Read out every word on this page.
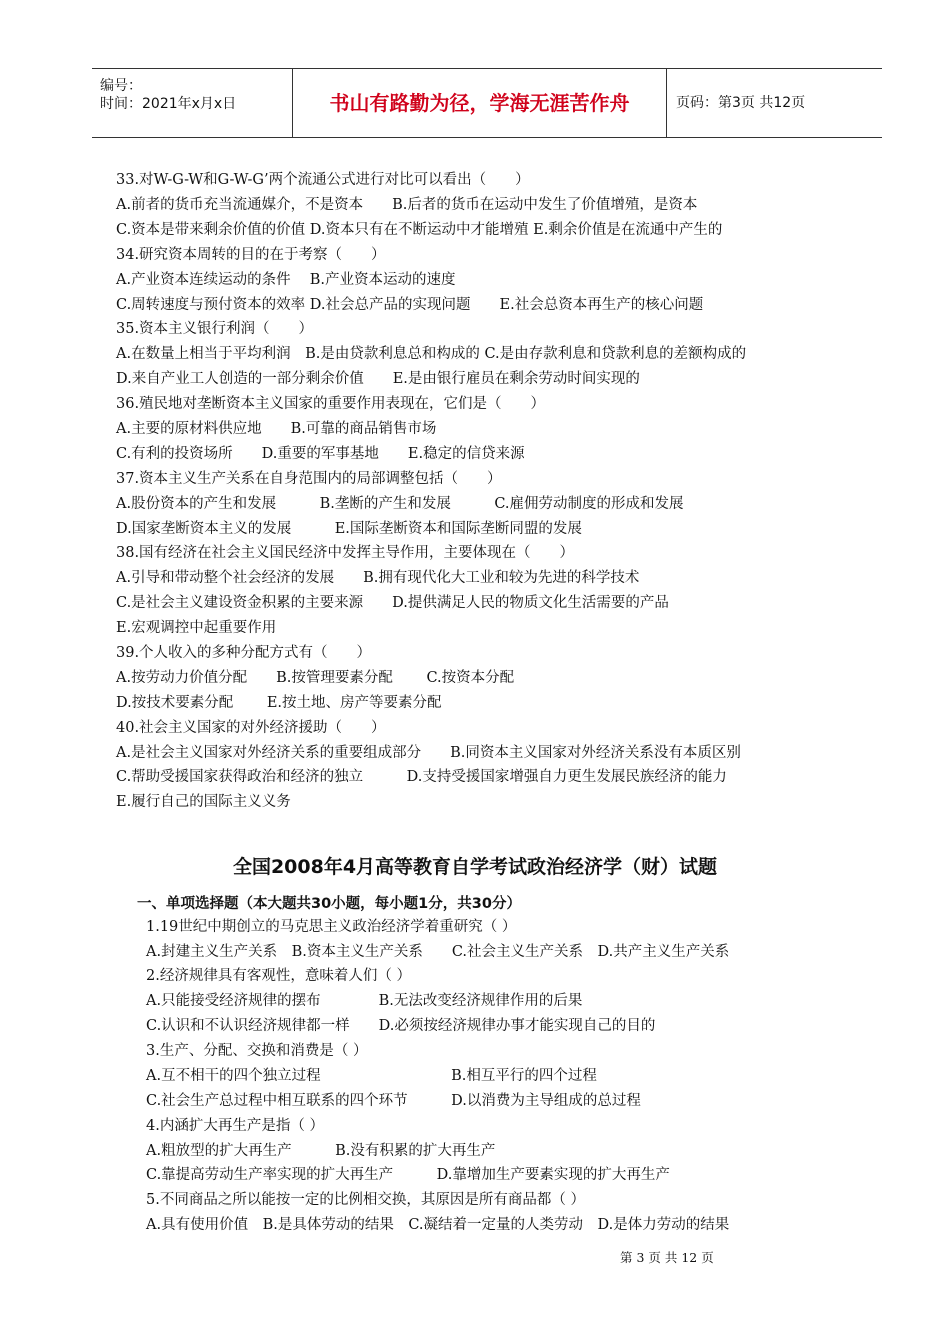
编号：
时间：2021年x月x日	书山有路勤为径，学海无涯苦作舟	页码：第3页 共12页
33.对W-G-W和G-W-G’两个流通公式进行对比可以看出（　　）
A.前者的货币充当流通媒介，不是资本　　B.后者的货币在运动中发生了价值增殖，是资本
C.资本是带来剩余价值的价值 D.资本只有在不断运动中才能增殖 E.剩余价值是在流通中产生的
34.研究资本周转的目的在于考察（　　）
A.产业资本连续运动的条件　 B.产业资本运动的速度
C.周转速度与预付资本的效率 D.社会总产品的实现问题　　E.社会总资本再生产的核心问题
35.资本主义银行利润（　　）
A.在数量上相当于平均利润　B.是由贷款利息总和构成的 C.是由存款利息和贷款利息的差额构成的
D.来自产业工人创造的一部分剩余价值　　E.是由银行雇员在剩余劳动时间实现的
36.殖民地对垄断资本主义国家的重要作用表现在，它们是（　　）
A.主要的原材料供应地　　B.可靠的商品销售市场
C.有利的投资场所　　D.重要的军事基地　　E.稳定的信贷来源
37.资本主义生产关系在自身范围内的局部调整包括（　　）
A.股份资本的产生和发展　　　B.垄断的产生和发展　　　C.雇佣劳动制度的形成和发展
D.国家垄断资本主义的发展　　　E.国际垄断资本和国际垄断同盟的发展
38.国有经济在社会主义国民经济中发挥主导作用，主要体现在（　　）
A.引导和带动整个社会经济的发展　　B.拥有现代化大工业和较为先进的科学技术
C.是社会主义建设资金积累的主要来源　　D.提供满足人民的物质文化生活需要的产品
E.宏观调控中起重要作用
39.个人收入的多种分配方式有（　　）
A.按劳动力价值分配　　B.按管理要素分配　　 C.按资本分配
D.按技术要素分配　　 E.按土地、房产等要素分配
40.社会主义国家的对外经济援助（　　）
A.是社会主义国家对外经济关系的重要组成部分　　B.同资本主义国家对外经济关系没有本质区别
C.帮助受援国家获得政治和经济的独立　　　D.支持受援国家增强自力更生发展民族经济的能力
E.履行自己的国际主义义务
全国2008年4月高等教育自学考试政治经济学（财）试题
一、单项选择题（本大题共30小题，每小题1分，共30分）
1.19世纪中期创立的马克思主义政治经济学着重研究（ ）
A.封建主义生产关系　B.资本主义生产关系　　C.社会主义生产关系　D.共产主义生产关系
2.经济规律具有客观性，意味着人们（ ）
A.只能接受经济规律的摆布　　　　B.无法改变经济规律作用的后果
C.认识和不认识经济规律都一样　　D.必须按经济规律办事才能实现自己的目的
3.生产、分配、交换和消费是（ ）
A.互不相干的四个独立过程　　　　　　　　　B.相互平行的四个过程
C.社会生产总过程中相互联系的四个环节　　　D.以消费为主导组成的总过程
4.内涵扩大再生产是指（ ）
A.粗放型的扩大再生产　　　B.没有积累的扩大再生产
C.靠提高劳动生产率实现的扩大再生产　　　D.靠增加生产要素实现的扩大再生产
5.不同商品之所以能按一定的比例相交换，其原因是所有商品都（ ）
A.具有使用价值　B.是具体劳动的结果　C.凝结着一定量的人类劳动　D.是体力劳动的结果
第 3 页 共 12 页
